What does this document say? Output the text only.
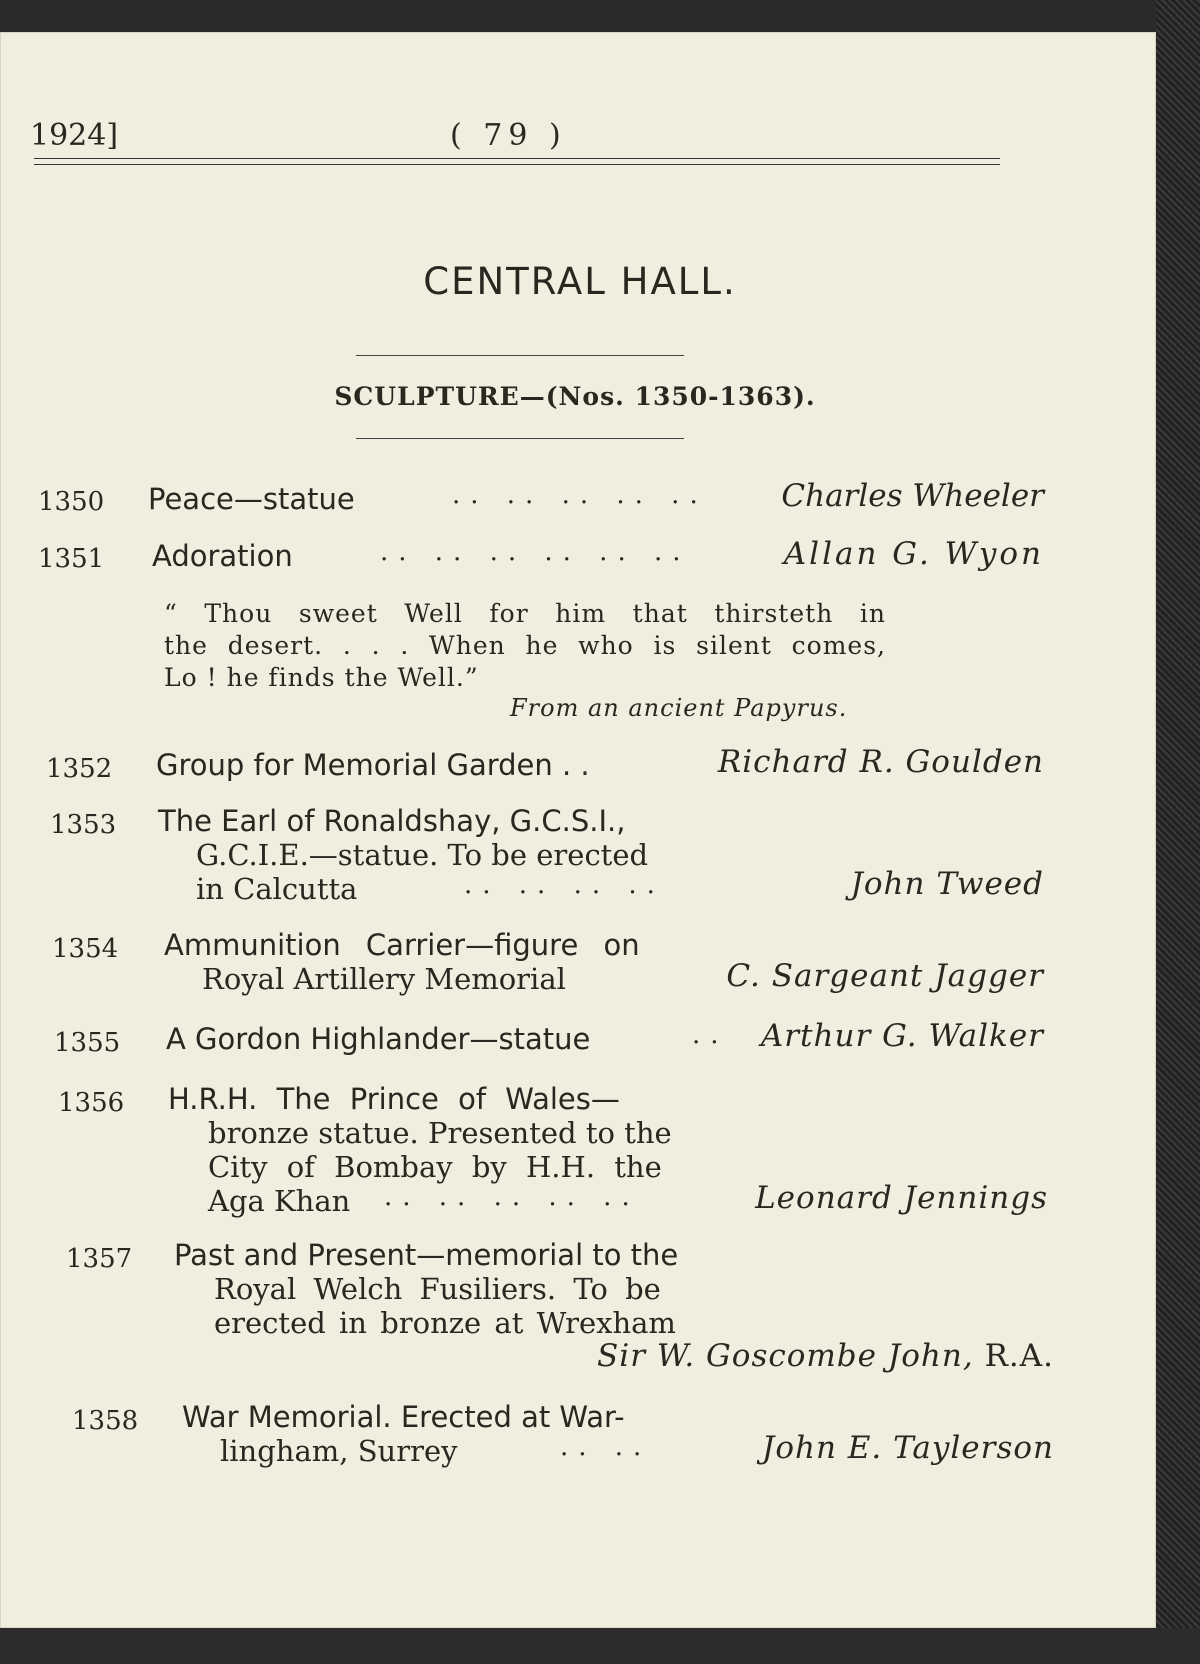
1924]	( 79 )
CENTRAL HALL.
SCULPTURE—(Nos. 1350-1363).
1350 Peace—statue	.. .. .. .. .. Charles Wheeler
1351 Adoration	.. .. .. .. .. ..	Allan G. Wyon
“ Thou sweet Well for him that thirsteth in
the desert. . . . When he who is silent comes,
Lo ! he finds the Well.”
From an ancient Papyrus.
1352 Group for Memorial Garden . .	Richard R. Goulden
1353 The Earl of Ronaldshay, G.C.S.I.,
G.C.I.E.—statue. To be erected
in Calcutta	.. .. .. ..	John Tweed
1354 Ammunition Carrier—figure on
Royal Artillery Memorial	C. Sargeant Jagger
1355 A Gordon Highlander—statue	.. Arthur G. Walker
1356 H.R.H. The Prince of Wales—
bronze statue. Presented to the
City of Bombay by H.H. the
Aga Khan .. .. .. .. ..	Leonard Jennings
1357 Past and Present—memorial to the
Royal Welch Fusiliers. To be
erected in bronze at Wrexham
Sir W. Goscombe John, R.A.
1358 War Memorial. Erected at War-
lingham, Surrey	.. ..	John E. Taylerson
